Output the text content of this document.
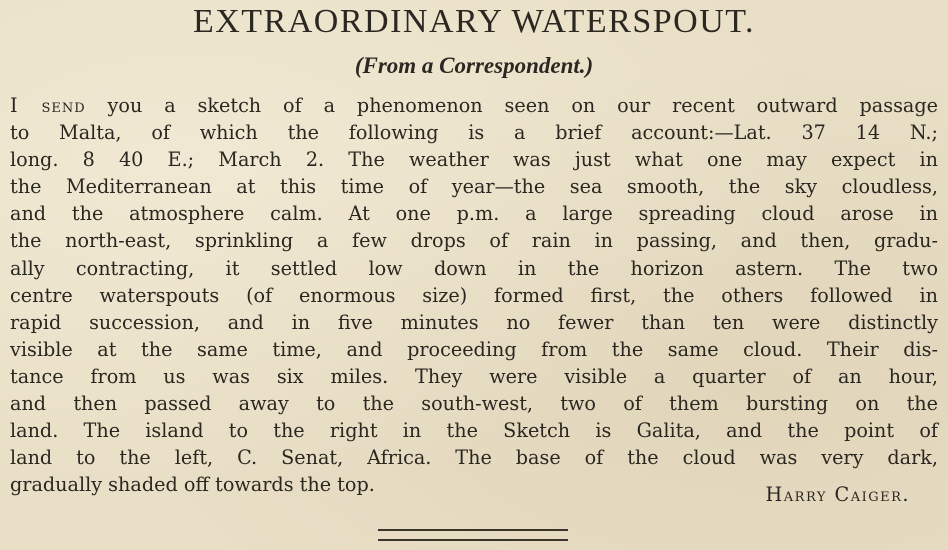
EXTRAORDINARY WATERSPOUT.
(From a Correspondent.)
I send you a sketch of a phenomenon seen on our recent outward passage
to Malta, of which the following is a brief account:—Lat. 37 14 N.;
long. 8 40 E.; March 2. The weather was just what one may expect in
the Mediterranean at this time of year—the sea smooth, the sky cloudless,
and the atmosphere calm. At one p.m. a large spreading cloud arose in
the north-east, sprinkling a few drops of rain in passing, and then, gradu-
ally contracting, it settled low down in the horizon astern. The two
centre waterspouts (of enormous size) formed first, the others followed in
rapid succession, and in five minutes no fewer than ten were distinctly
visible at the same time, and proceeding from the same cloud. Their dis-
tance from us was six miles. They were visible a quarter of an hour,
and then passed away to the south-west, two of them bursting on the
land. The island to the right in the Sketch is Galita, and the point of
land to the left, C. Senat, Africa. The base of the cloud was very dark,
gradually shaded off towards the top.	Harry Caiger.
